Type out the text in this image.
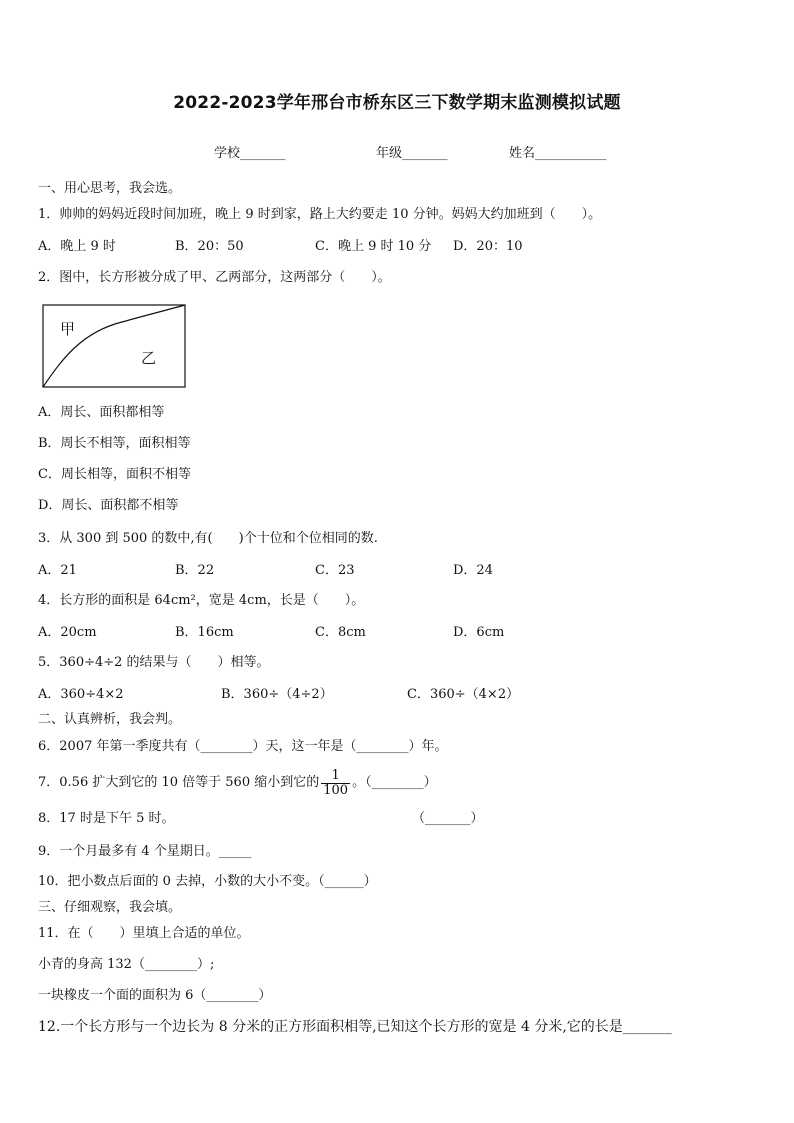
2022-2023学年邢台市桥东区三下数学期末监测模拟试题
学校_______	年级_______	姓名___________
一、用心思考，我会选。
1．帅帅的妈妈近段时间加班，晚上 9 时到家，路上大约要走 10 分钟。妈妈大约加班到（　　）。
A．晚上 9 时	B．20：50	C．晚上 9 时 10 分 D．20：10
2．图中，长方形被分成了甲、乙两部分，这两部分（　　）。
甲
乙
A．周长、面积都相等
B．周长不相等，面积相等
C．周长相等，面积不相等
D．周长、面积都不相等
3．从 300 到 500 的数中,有(　　)个十位和个位相同的数.
A．21	B．22	C．23	D．24
4．长方形的面积是 64cm²，宽是 4cm，长是（　　）。
A．20cm	B．16cm	C．8cm	D．6cm
5．360÷4÷2 的结果与（　　）相等。
A．360÷4×2	B．360÷（4÷2）	C．360÷（4×2）
二、认真辨析，我会判。
6．2007 年第一季度共有（________）天，这一年是（________）年。
7．0.56 扩大到它的 10 倍等于 560 缩小到它的 $\frac{1}{100}$ 。（________）
8．17 时是下午 5 时。	（_______）
9．一个月最多有 4 个星期日。_____
10．把小数点后面的 0 去掉，小数的大小不变。（______）
三、仔细观察，我会填。
11．在（　　）里填上合适的单位。
小青的身高 132（________）;
一块橡皮一个面的面积为 6（________）
12.一个长方形与一个边长为 8 分米的正方形面积相等,已知这个长方形的宽是 4 分米,它的长是_______
